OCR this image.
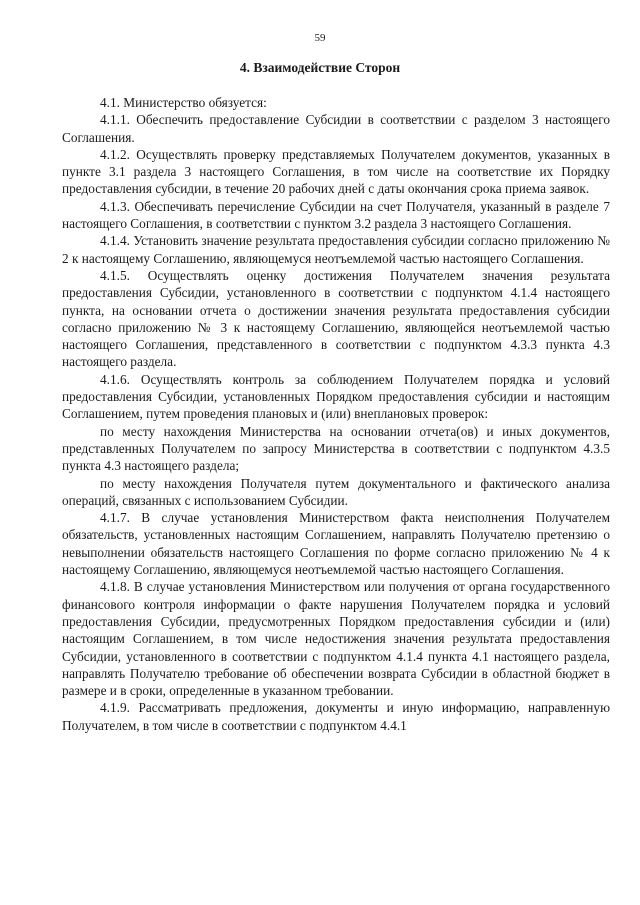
59
4. Взаимодействие Сторон

4.1. Министерство обязуется:

4.1.1. Обеспечить предоставление Субсидии в соответствии с разделом 3 настоящего Соглашения.

4.1.2. Осуществлять проверку представляемых Получателем документов, указанных в пункте 3.1 раздела 3 настоящего Соглашения, в том числе на соответствие их Порядку предоставления субсидии, в течение 20 рабочих дней с даты окончания срока приема заявок.

4.1.3. Обеспечивать перечисление Субсидии на счет Получателя, указанный в разделе 7 настоящего Соглашения, в соответствии с пунктом 3.2 раздела 3 настоящего Соглашения.

4.1.4. Установить значение результата предоставления субсидии согласно приложению № 2 к настоящему Соглашению, являющемуся неотъемлемой частью настоящего Соглашения.

4.1.5. Осуществлять оценку достижения Получателем значения результата предоставления Субсидии, установленного в соответствии с подпунктом 4.1.4 настоящего пункта, на основании отчета о достижении значения результата предоставления субсидии согласно приложению № 3 к настоящему Соглашению, являющейся неотъемлемой частью настоящего Соглашения, представленного в соответствии с подпунктом 4.3.3 пункта 4.3 настоящего раздела.

4.1.6. Осуществлять контроль за соблюдением Получателем порядка и условий предоставления Субсидии, установленных Порядком предоставления субсидии и настоящим Соглашением, путем проведения плановых и (или) внеплановых проверок:

по месту нахождения Министерства на основании отчета(ов) и иных документов, представленных Получателем по запросу Министерства в соответствии с подпунктом 4.3.5 пункта 4.3 настоящего раздела;

по месту нахождения Получателя путем документального и фактического анализа операций, связанных с использованием Субсидии.

4.1.7. В случае установления Министерством факта неисполнения Получателем обязательств, установленных настоящим Соглашением, направлять Получателю претензию о невыполнении обязательств настоящего Соглашения по форме согласно приложению № 4 к настоящему Соглашению, являющемуся неотъемлемой частью настоящего Соглашения.

4.1.8. В случае установления Министерством или получения от органа государственного финансового контроля информации о факте нарушения Получателем порядка и условий предоставления Субсидии, предусмотренных Порядком предоставления субсидии и (или) настоящим Соглашением, в том числе недостижения значения результата предоставления Субсидии, установленного в соответствии с подпунктом 4.1.4 пункта 4.1 настоящего раздела, направлять Получателю требование об обеспечении возврата Субсидии в областной бюджет в размере и в сроки, определенные в указанном требовании.

4.1.9. Рассматривать предложения, документы и иную информацию, направленную Получателем, в том числе в соответствии с подпунктом 4.4.1
